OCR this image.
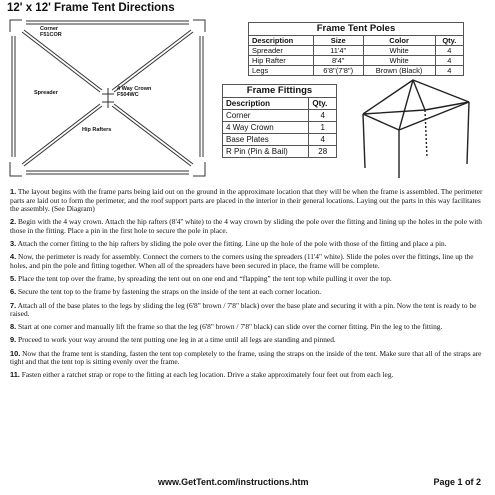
12' x 12' Frame Tent Directions
Corner
F51COR
Spreader
4 Way Crown
F504WC
Hip Rafters
Frame Tent Poles
Description	Size	Color	Qty.
Spreader	11'4"	White	4
Hip Rafter	8'4"	White	4
Legs	6'8"(7'8")	Brown (Black)	4
Frame Fittings
Description	Qty.
Corner	4
4 Way Crown	1
Base Plates	4
R Pin (Pin & Bail)	28
1. The layout begins with the frame parts being laid out on the ground in the approximate location that they will be when the frame is assembled. The perimeter parts are laid out to form the perimeter, and the roof support parts are placed in the interior in their general locations. Laying out the parts in this way facilitates the assembly. (See Diagram)
2. Begin with the 4 way crown. Attach the hip rafters (8'4'' white) to the 4 way crown by sliding the pole over the fitting and lining up the holes in the pole with those in the fitting. Place a pin in the first hole to secure the pole in place.
3. Attach the corner fitting to the hip rafters by sliding the pole over the fitting. Line up the hole of the pole with those of the fitting and place a pin.
4. Now, the perimeter is ready for assembly. Connect the corners to the corners using the spreaders (11'4" white). Slide the poles over the fittings, line up the holes, and pin the pole and fitting together. When all of the spreaders have been secured in place, the frame will be complete.
5. Place the tent top over the frame, by spreading the tent out on one end and “flapping” the tent top while pulling it over the top.
6. Secure the tent top to the frame by fastening the straps on the inside of the tent at each corner location.
7. Attach all of the base plates to the legs by sliding the leg (6'8" brown / 7'8" black) over the base plate and securing it with a pin. Now the tent is ready to be raised.
8. Start at one corner and manually lift the frame so that the leg (6'8" brown / 7'8" black) can slide over the corner fitting. Pin the leg to the fitting.
9. Proceed to work your way around the tent putting one leg in at a time until all legs are standing and pinned.
10. Now that the frame tent is standing, fasten the tent top completely to the frame, using the straps on the inside of the tent. Make sure that all of the straps are tight and that the tent top is sitting evenly over the frame.
11. Fasten either a ratchet strap or rope to the fitting at each leg location. Drive a stake approximately four feet out from each leg.
www.GetTent.com/instructions.htm	Page 1 of 2
